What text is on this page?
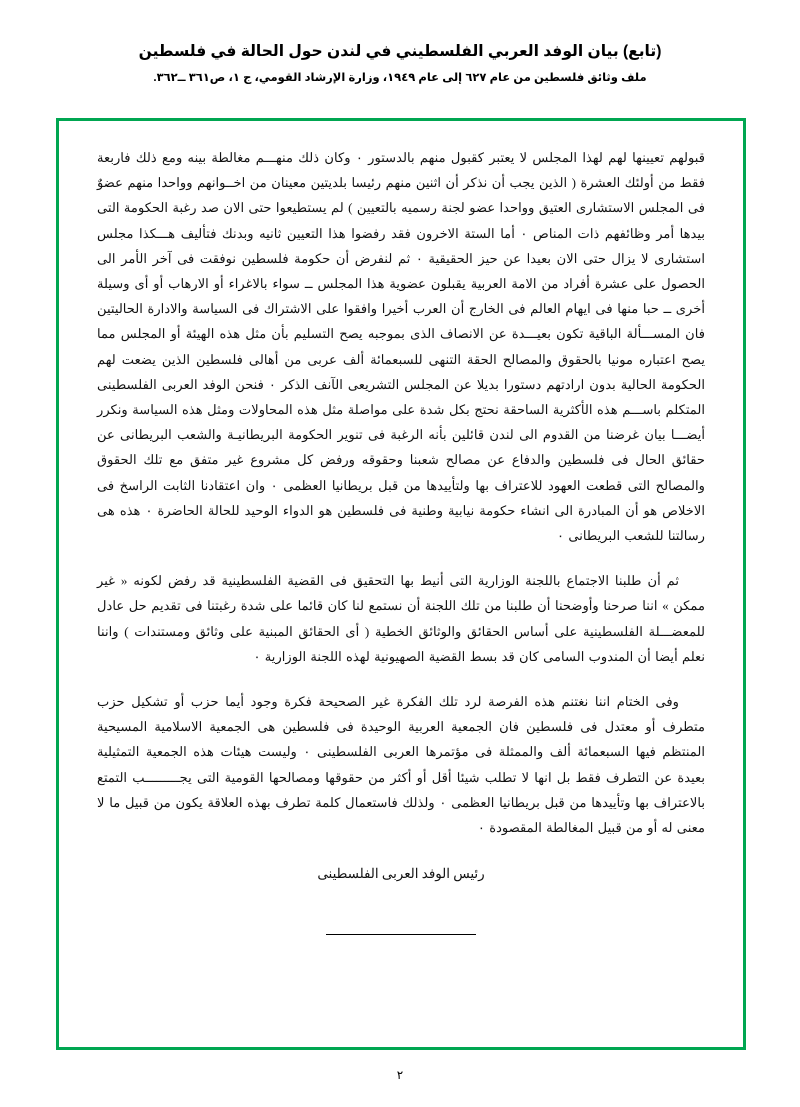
(تابع) بيان الوفد العربي الفلسطيني في لندن حول الحالة في فلسطين
ملف وثائق فلسطين من عام ٦٢٧ إلى عام ١٩٤٩، وزارة الإرشاد القومي، ج ١، ص٣٦١ ــ٣٦٢.

قبولهم تعيينها لهم لهذا المجلس لا يعتبر كقبول منهم بالدستور ٠ وكان ذلك منهـــم مغالطة بينه ومع ذلك فاربعة فقط من أولئك العشرة ( الذين يجب أن نذكر أن اثنين منهم رئيسا بلديتين معينان من اخــوانهم وواحدا منهم عضوٌ فى المجلس الاستشارى العتيق وواحدا عضو لجنة رسميه بالتعيين ) لم يستطيعوا حتى الان صد رغبة الحكومة التى بيدها أمر وظائفهم ذات المناص ٠ أما الستة الاخرون فقد رفضوا هذا التعيين ثانيه وبدنك فتأليف هـــكذا مجلس استشارى لا يزال حتى الان بعيدا عن حيز الحقيقية ٠ ثم لنفرض أن حكومة فلسطين نوفقت فى آخر الأمر الى الحصول على عشرة أفراد من الامة العربية يقبلون عضوية هذا المجلس ــ سواء بالاغراء أو الارهاب أو أى وسيلة أخرى ــ حبا منها فى ايهام العالم فى الخارج أن العرب أخيرا وافقوا على الاشتراك فى السياسة والادارة الحاليتين فان المســـألة الباقية تكون بعيـــدة عن الانصاف الذى بموجبه يصح التسليم بأن مثل هذه الهيئة أو المجلس مما يصح اعتباره مونيا بالحقوق والمصالح الحقة التنهى للسبعمائة ألف عربى من أهالى فلسطين الذين يضعت لهم الحكومة الحالية بدون ارادتهم دستورا بديلا عن المجلس التشريعى الآنف الذكر ٠ فنحن الوفد العربى الفلسطينى المتكلم باســـم هذه الأكثرية الساحقة نحتج بكل شدة على مواصلة مثل هذه المحاولات ومثل هذه السياسة ونكرر أيضـــا بيان غرضنا من القدوم الى لندن قائلين بأنه الرغبة فى تنوير الحكومة البريطانيـة والشعب البريطانى عن حقائق الحال فى فلسطين والدفاع عن مصالح شعبنا وحقوقه ورفض كل مشروع غير متفق مع تلك الحقوق والمصالح التى قطعت العهود للاعتراف بها ولتأييدها من قبل بريطانيا العظمى ٠ وان اعتقادنا الثابت الراسخ فى الاخلاص هو أن المبادرة الى انشاء حكومة نيابية وطنية فى فلسطين هو الدواء الوحيد للحالة الحاضرة ٠ هذه هى رسالتنا للشعب البريطانى ٠

ثم أن طلبنا الاجتماع باللجنة الوزارية التى أنيط بها التحقيق فى القضية الفلسطينية قد رفض لكونه « غير ممكن » اننا صرحنا وأوضحنا أن طلبنا من تلك اللجنة أن نستمع لنا كان قائما على شدة رغبتنا فى تقديم حل عادل للمعضـــلة الفلسطينية على أساس الحقائق والوثائق الخطية ( أى الحقائق المبنية على وثائق ومستندات ) واننا نعلم أيضا أن المندوب السامى كان قد بسط القضية الصهيونية لهذه اللجنة الوزارية ٠

وفى الختام اننا نغتنم هذه الفرصة لرد تلك الفكرة غير الصحيحة فكرة وجود أيما حزب أو تشكيل حزب متطرف أو معتدل فى فلسطين فان الجمعية العربية الوحيدة فى فلسطين هى الجمعية الاسلامية المسيحية المنتظم فيها السبعمائة ألف والممثلة فى مؤتمرها العربى الفلسطينى ٠ وليست هيئات هذه الجمعية التمثيلية بعيدة عن التطرف فقط بل انها لا تطلب شيئا أقل أو أكثر من حقوقها ومصالحها القومية التى يجـــــــــب التمتع بالاعتراف بها وتأييدها من قبل بريطانيا العظمى ٠ ولذلك فاستعمال كلمة تطرف بهذه العلاقة يكون من قبيل ما لا معنى له أو من قبيل المغالطة المقصودة ٠

رئيس الوفد العربى الفلسطينى
٢
